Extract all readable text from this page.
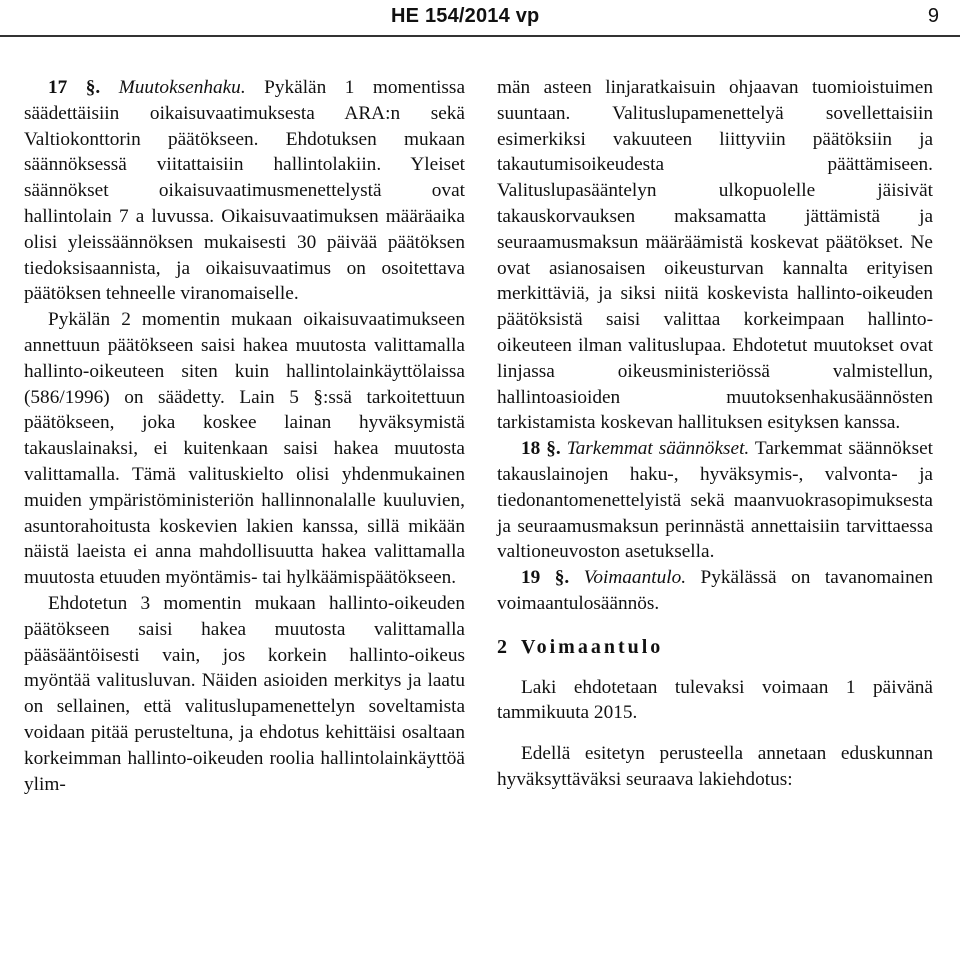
HE 154/2014 vp	9

17 §. Muutoksenhaku. Pykälän 1 momentissa säädettäisiin oikaisuvaatimuksesta ARA:n sekä Valtiokonttorin päätökseen. Ehdotuksen mukaan säännöksessä viitattaisiin hallintolakiin. Yleiset säännökset oikaisuvaatimusmenettelystä ovat hallintolain 7 a luvussa. Oikaisuvaatimuksen määräaika olisi yleissäännöksen mukaisesti 30 päivää päätöksen tiedoksisaannista, ja oikaisuvaatimus on osoitettava päätöksen tehneelle viranomaiselle.

Pykälän 2 momentin mukaan oikaisuvaatimukseen annettuun päätökseen saisi hakea muutosta valittamalla hallinto-oikeuteen siten kuin hallintolainkäyttölaissa (586/1996) on säädetty. Lain 5 §:ssä tarkoitettuun päätökseen, joka koskee lainan hyväksymistä takauslainaksi, ei kuitenkaan saisi hakea muutosta valittamalla. Tämä valituskielto olisi yhdenmukainen muiden ympäristöministeriön hallinnonalalle kuuluvien, asuntorahoitusta koskevien lakien kanssa, sillä mikään näistä laeista ei anna mahdollisuutta hakea valittamalla muutosta etuuden myöntämis- tai hylkäämispäätökseen.

Ehdotetun 3 momentin mukaan hallinto-oikeuden päätökseen saisi hakea muutosta valittamalla pääsääntöisesti vain, jos korkein hallinto-oikeus myöntää valitusluvan. Näiden asioiden merkitys ja laatu on sellainen, että valituslupamenettelyn soveltamista voidaan pitää perusteltuna, ja ehdotus kehittäisi osaltaan korkeimman hallinto-oikeuden roolia hallintolainkäyttöä ylim-

män asteen linjaratkaisuin ohjaavan tuomioistuimen suuntaan. Valituslupamenettelyä sovellettaisiin esimerkiksi vakuuteen liittyviin päätöksiin ja takautumisoikeudesta päättämiseen. Valituslupasääntelyn ulkopuolelle jäisivät takauskorvauksen maksamatta jättämistä ja seuraamusmaksun määräämistä koskevat päätökset. Ne ovat asianosaisen oikeusturvan kannalta erityisen merkittäviä, ja siksi niitä koskevista hallinto-oikeuden päätöksistä saisi valittaa korkeimpaan hallinto-oikeuteen ilman valituslupaa. Ehdotetut muutokset ovat linjassa oikeusministeriössä valmistellun, hallintoasioiden muutoksenhakusäännösten tarkistamista koskevan hallituksen esityksen kanssa.

18 §. Tarkemmat säännökset. Tarkemmat säännökset takauslainojen haku-, hyväksymis-, valvonta- ja tiedonantomenettelyistä sekä maanvuokrasopimuksesta ja seuraamusmaksun perinnästä annettaisiin tarvittaessa valtioneuvoston asetuksella.

19 §. Voimaantulo. Pykälässä on tavanomainen voimaantulosäännös.

2 Voimaantulo

Laki ehdotetaan tulevaksi voimaan 1 päivänä tammikuuta 2015.

Edellä esitetyn perusteella annetaan eduskunnan hyväksyttäväksi seuraava lakiehdotus:
